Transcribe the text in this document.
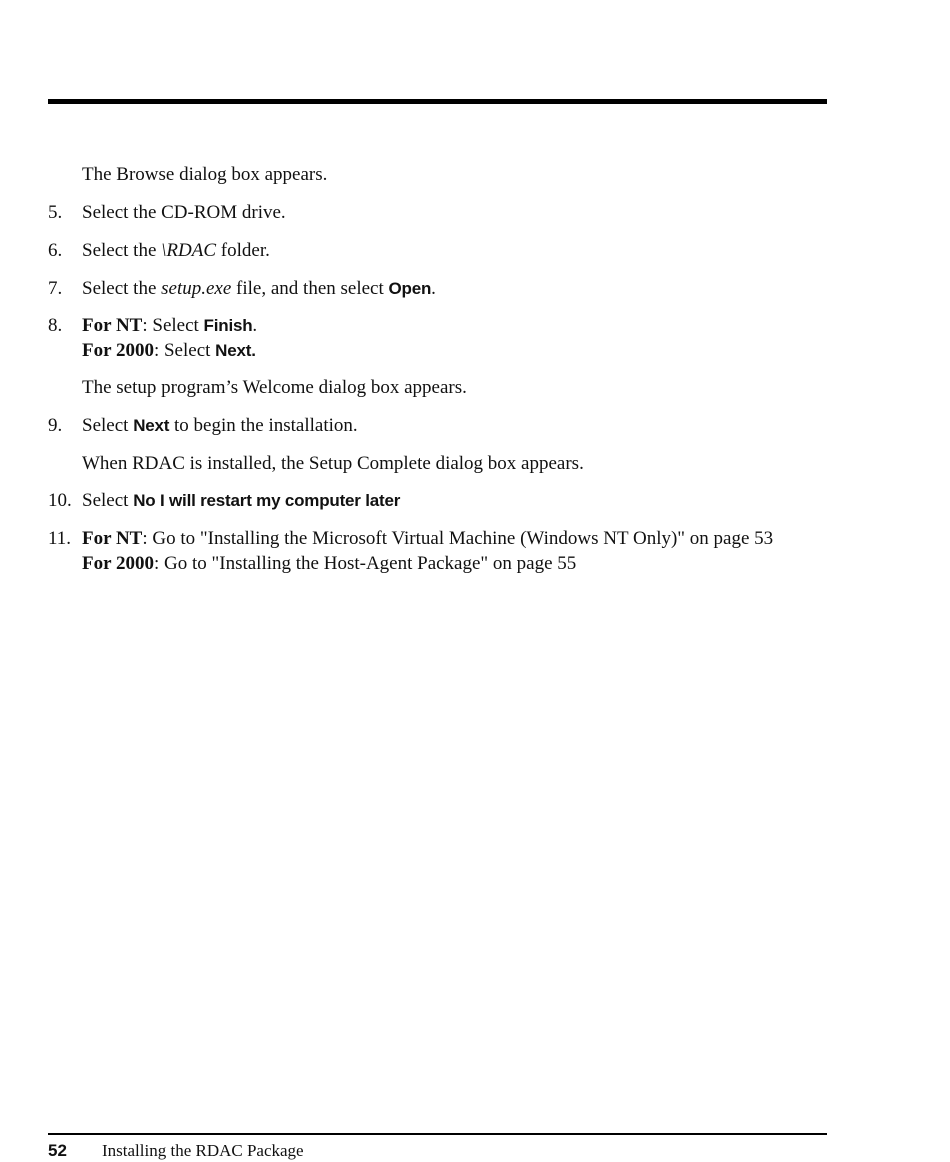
The Browse dialog box appears.
5. Select the CD-ROM drive.
6. Select the \RDAC folder.
7. Select the setup.exe file, and then select Open.
8. For NT: Select Finish.
For 2000: Select Next.
The setup program’s Welcome dialog box appears.
9. Select Next to begin the installation.
When RDAC is installed, the Setup Complete dialog box appears.
10. Select No I will restart my computer later
11. For NT: Go to "Installing the Microsoft Virtual Machine (Windows NT Only)" on page 53
For 2000: Go to "Installing the Host-Agent Package" on page 55
52 Installing the RDAC Package
